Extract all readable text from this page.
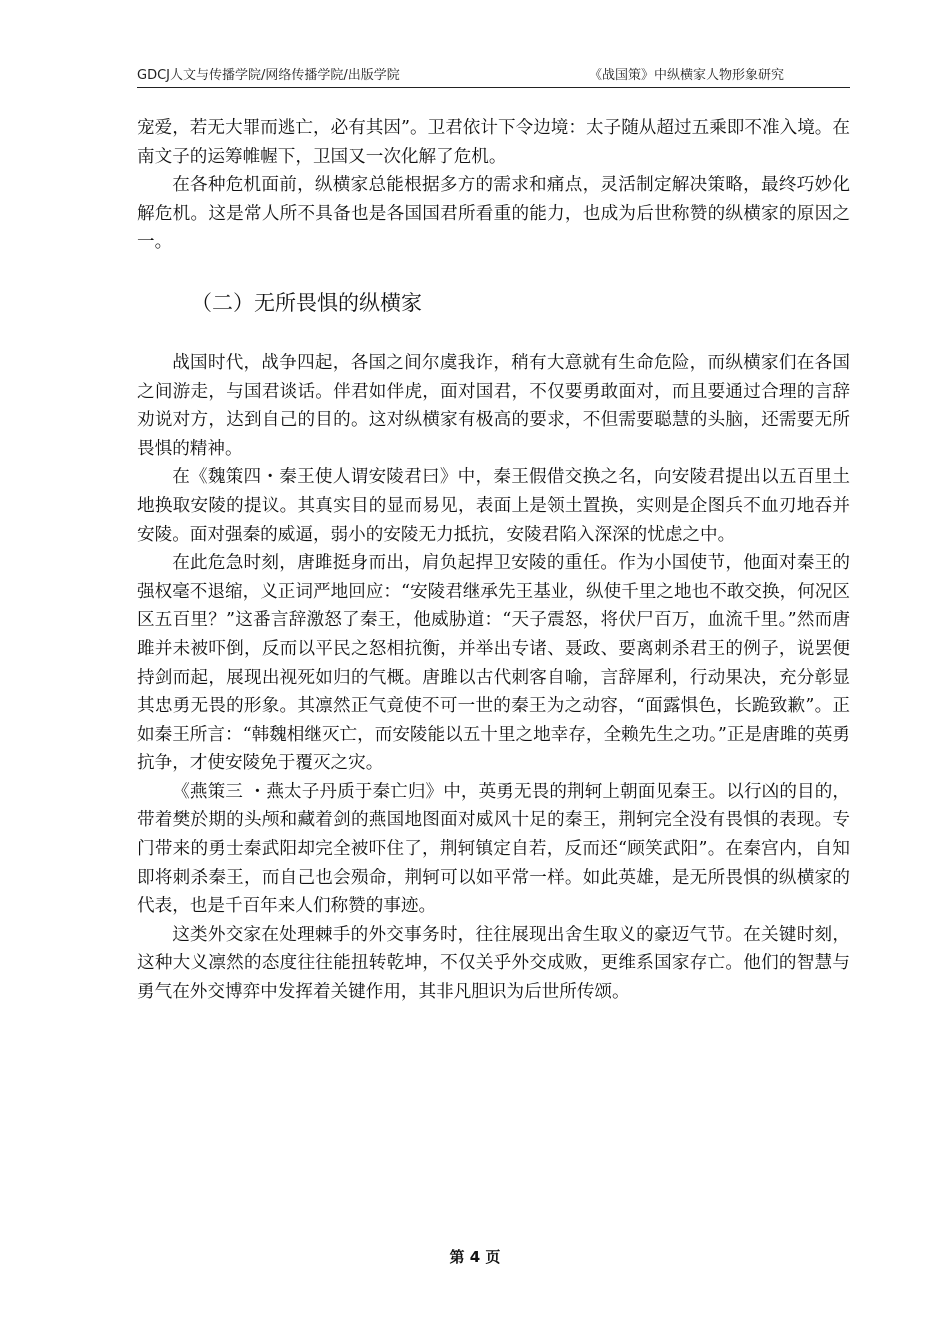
GDCJ人文与传播学院/网络传播学院/出版学院	《战国策》中纵横家人物形象研究

宠爱，若无大罪而逃亡，必有其因”。卫君依计下令边境：太子随从超过五乘即不准入境。在南文子的运筹帷幄下，卫国又一次化解了危机。

在各种危机面前，纵横家总能根据多方的需求和痛点，灵活制定解决策略，最终巧妙化解危机。这是常人所不具备也是各国国君所看重的能力，也成为后世称赞的纵横家的原因之一。

（二）无所畏惧的纵横家

战国时代，战争四起，各国之间尔虞我诈，稍有大意就有生命危险，而纵横家们在各国之间游走，与国君谈话。伴君如伴虎，面对国君，不仅要勇敢面对，而且要通过合理的言辞劝说对方，达到自己的目的。这对纵横家有极高的要求，不但需要聪慧的头脑，还需要无所畏惧的精神。

在《魏策四・秦王使人谓安陵君曰》中，秦王假借交换之名，向安陵君提出以五百里土地换取安陵的提议。其真实目的显而易见，表面上是领土置换，实则是企图兵不血刃地吞并安陵。面对强秦的威逼，弱小的安陵无力抵抗，安陵君陷入深深的忧虑之中。

在此危急时刻，唐雎挺身而出，肩负起捍卫安陵的重任。作为小国使节，他面对秦王的强权毫不退缩，义正词严地回应：“安陵君继承先王基业，纵使千里之地也不敢交换，何况区区五百里？”这番言辞激怒了秦王，他威胁道：“天子震怒，将伏尸百万，血流千里。”然而唐雎并未被吓倒，反而以平民之怒相抗衡，并举出专诸、聂政、要离刺杀君王的例子，说罢便持剑而起，展现出视死如归的气概。唐雎以古代刺客自喻，言辞犀利，行动果决，充分彰显其忠勇无畏的形象。其凛然正气竟使不可一世的秦王为之动容，“面露惧色，长跪致歉”。正如秦王所言：“韩魏相继灭亡，而安陵能以五十里之地幸存，全赖先生之功。”正是唐雎的英勇抗争，才使安陵免于覆灭之灾。

《燕策三 ・燕太子丹质于秦亡归》中，英勇无畏的荆轲上朝面见秦王。以行凶的目的，带着樊於期的头颅和藏着剑的燕国地图面对威风十足的秦王，荆轲完全没有畏惧的表现。专门带来的勇士秦武阳却完全被吓住了，荆轲镇定自若，反而还“顾笑武阳”。在秦宫内，自知即将刺杀秦王，而自己也会殒命，荆轲可以如平常一样。如此英雄，是无所畏惧的纵横家的代表，也是千百年来人们称赞的事迹。

这类外交家在处理棘手的外交事务时，往往展现出舍生取义的豪迈气节。在关键时刻，这种大义凛然的态度往往能扭转乾坤，不仅关乎外交成败，更维系国家存亡。他们的智慧与勇气在外交博弈中发挥着关键作用，其非凡胆识为后世所传颂。

第 4 页
